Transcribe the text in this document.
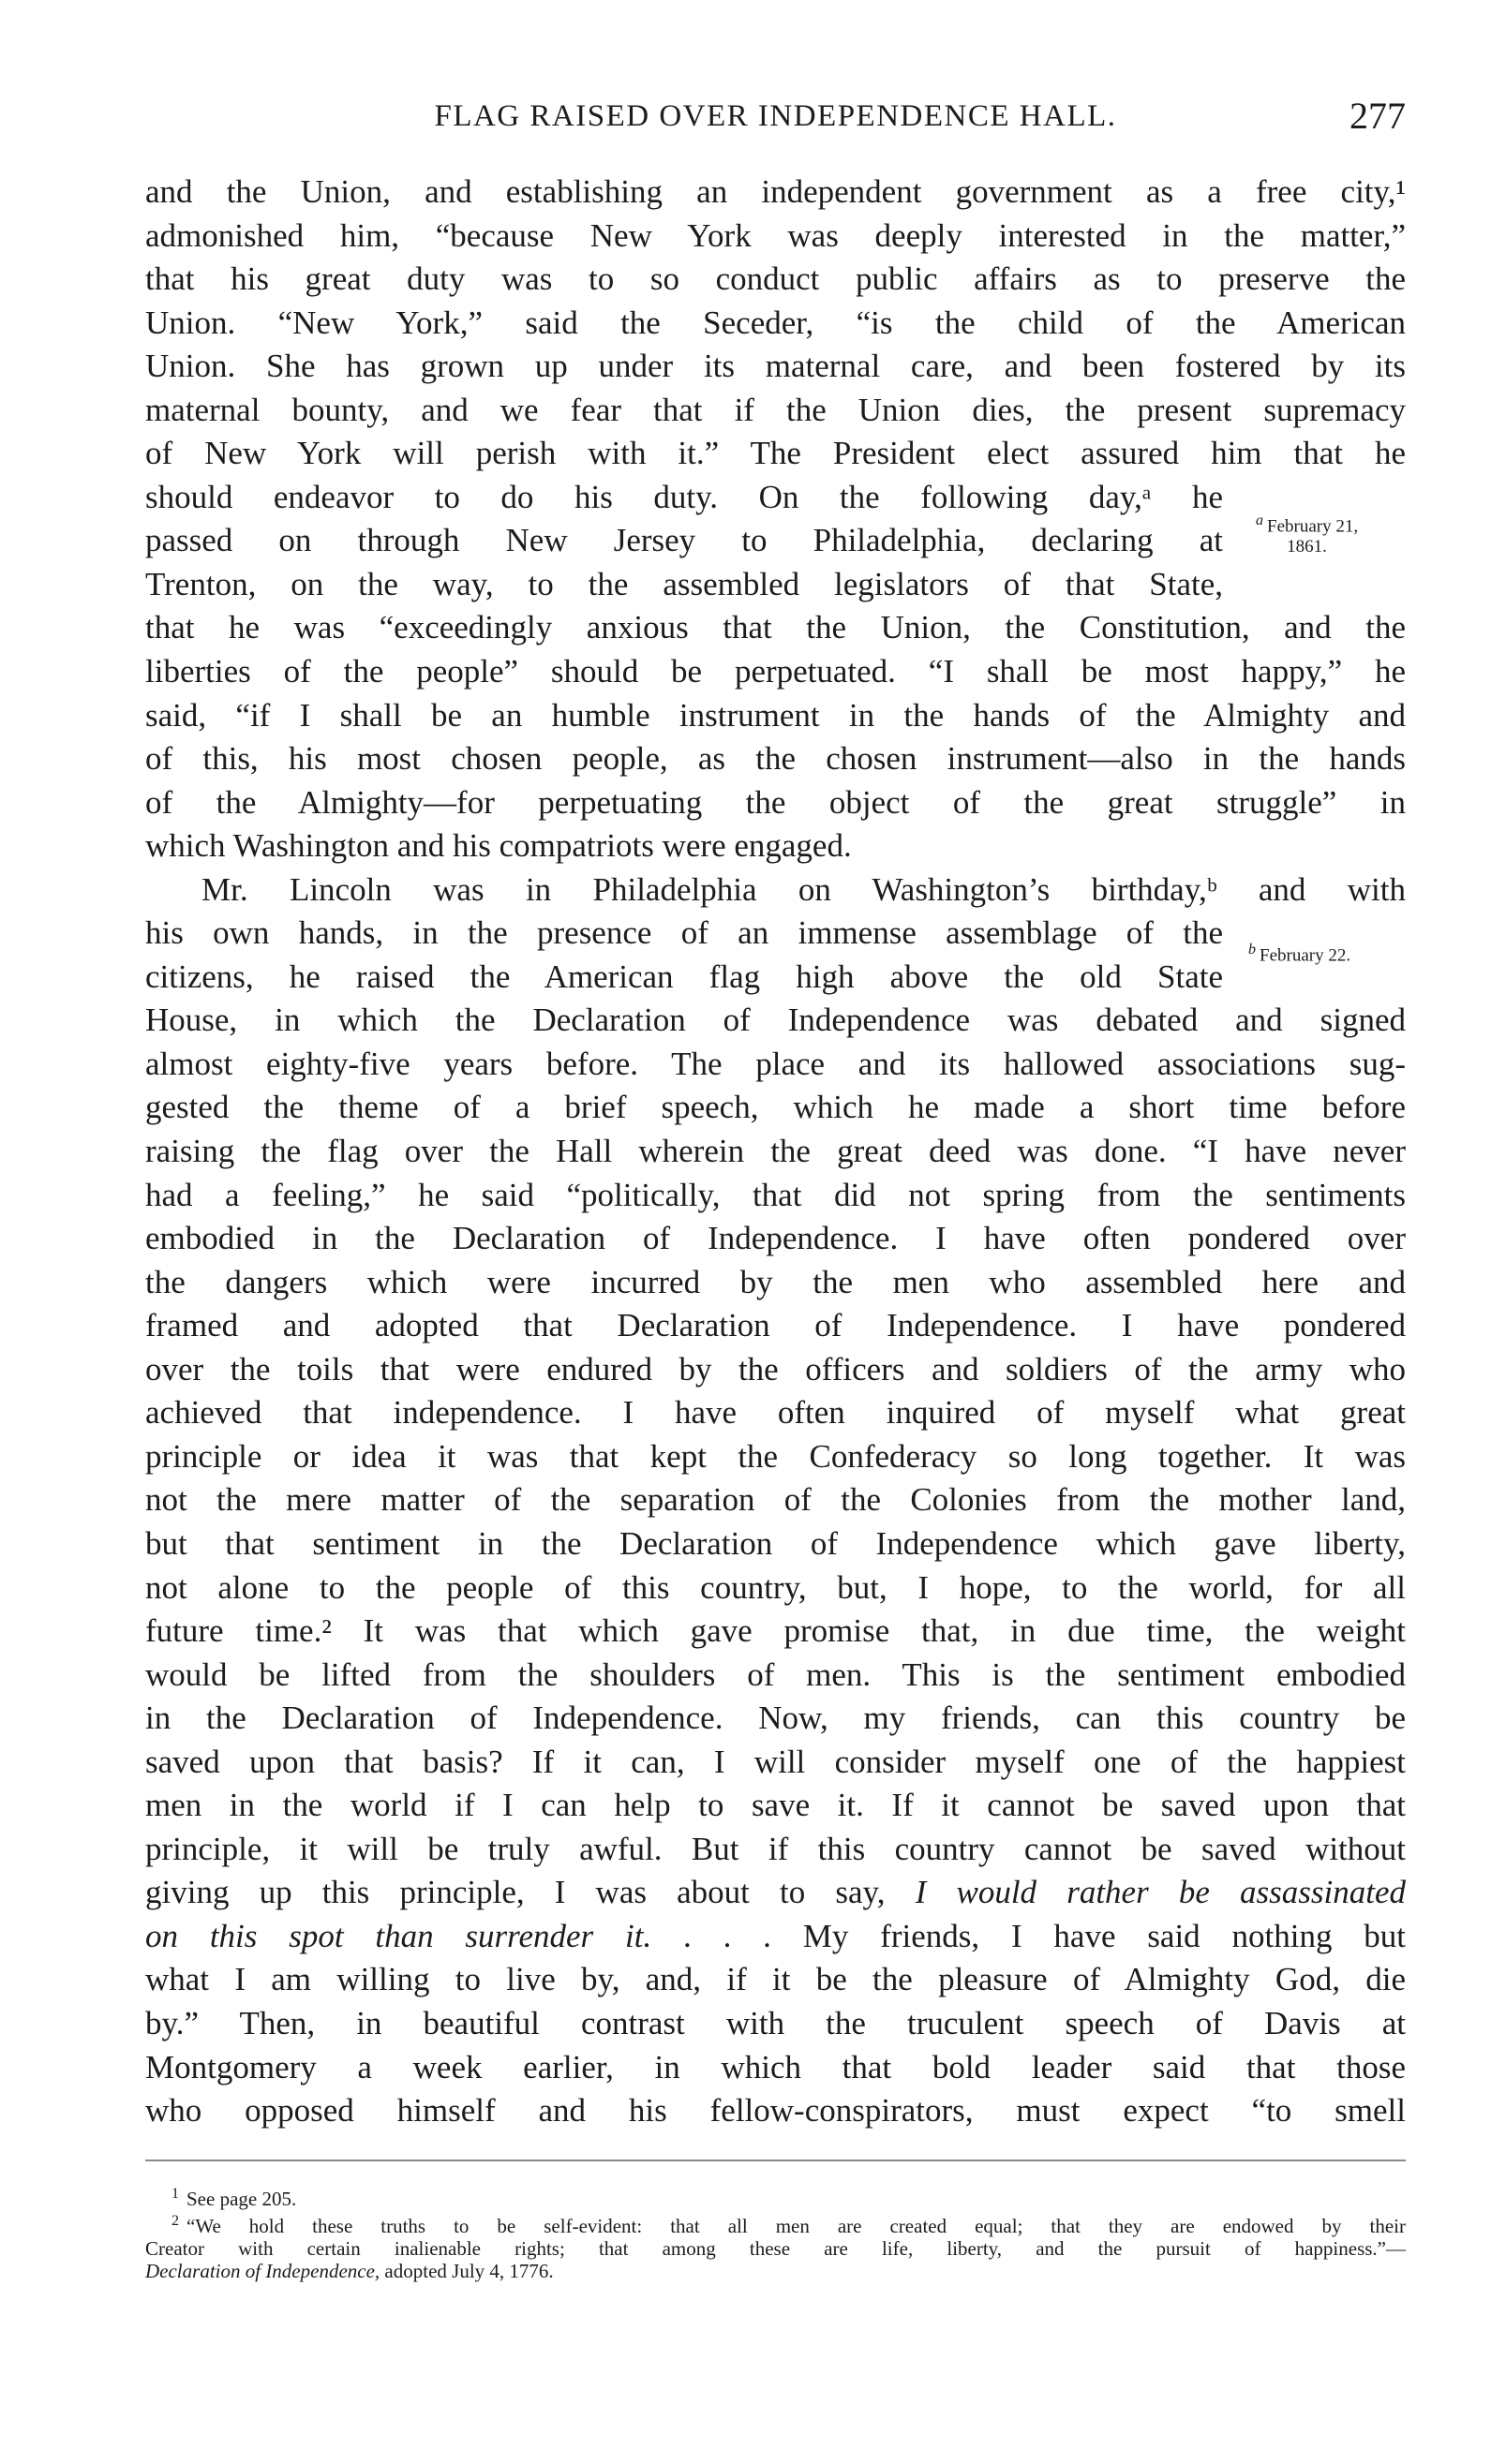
FLAG RAISED OVER INDEPENDENCE HALL.	277
and the Union, and establishing an independent government as a free city,¹
admonished him, “because New York was deeply interested in the matter,”
that his great duty was to so conduct public affairs as to preserve the
Union. “New York,” said the Seceder, “is the child of the American
Union. She has grown up under its maternal care, and been fostered by its
maternal bounty, and we fear that if the Union dies, the present supremacy
of New York will perish with it.” The President elect assured him that he
should endeavor to do his duty. On the following day,ᵃ he
passed on through New Jersey to Philadelphia, declaring at
Trenton, on the way, to the assembled legislators of that State,
that he was “exceedingly anxious that the Union, the Constitution, and the
liberties of the people” should be perpetuated. “I shall be most happy,” he
said, “if I shall be an humble instrument in the hands of the Almighty and
of this, his most chosen people, as the chosen instrument—also in the hands
of the Almighty—for perpetuating the object of the great struggle” in
which Washington and his compatriots were engaged.
Mr. Lincoln was in Philadelphia on Washington’s birthday,ᵇ and with
his own hands, in the presence of an immense assemblage of the
citizens, he raised the American flag high above the old State
House, in which the Declaration of Independence was debated and signed
almost eighty-five years before. The place and its hallowed associations sug-
gested the theme of a brief speech, which he made a short time before
raising the flag over the Hall wherein the great deed was done. “I have never
had a feeling,” he said “politically, that did not spring from the sentiments
embodied in the Declaration of Independence. I have often pondered over
the dangers which were incurred by the men who assembled here and
framed and adopted that Declaration of Independence. I have pondered
over the toils that were endured by the officers and soldiers of the army who
achieved that independence. I have often inquired of myself what great
principle or idea it was that kept the Confederacy so long together. It was
not the mere matter of the separation of the Colonies from the mother land,
but that sentiment in the Declaration of Independence which gave liberty,
not alone to the people of this country, but, I hope, to the world, for all
future time.² It was that which gave promise that, in due time, the weight
would be lifted from the shoulders of men. This is the sentiment embodied
in the Declaration of Independence. Now, my friends, can this country be
saved upon that basis? If it can, I will consider myself one of the happiest
men in the world if I can help to save it. If it cannot be saved upon that
principle, it will be truly awful. But if this country cannot be saved without
giving up this principle, I was about to say, I would rather be assassinated
on this spot than surrender it. . . . My friends, I have said nothing but
what I am willing to live by, and, if it be the pleasure of Almighty God, die
by.” Then, in beautiful contrast with the truculent speech of Davis at
Montgomery a week earlier, in which that bold leader said that those
who opposed himself and his fellow-conspirators, must expect “to smell
$^a$ February 21,
1861.
$^b$ February 22.
$^1$ See page 205.
$^2$ “We hold these truths to be self-evident: that all men are created equal; that they are endowed by their
Creator with certain inalienable rights; that among these are life, liberty, and the pursuit of happiness.”—
Declaration of Independence, adopted July 4, 1776.
